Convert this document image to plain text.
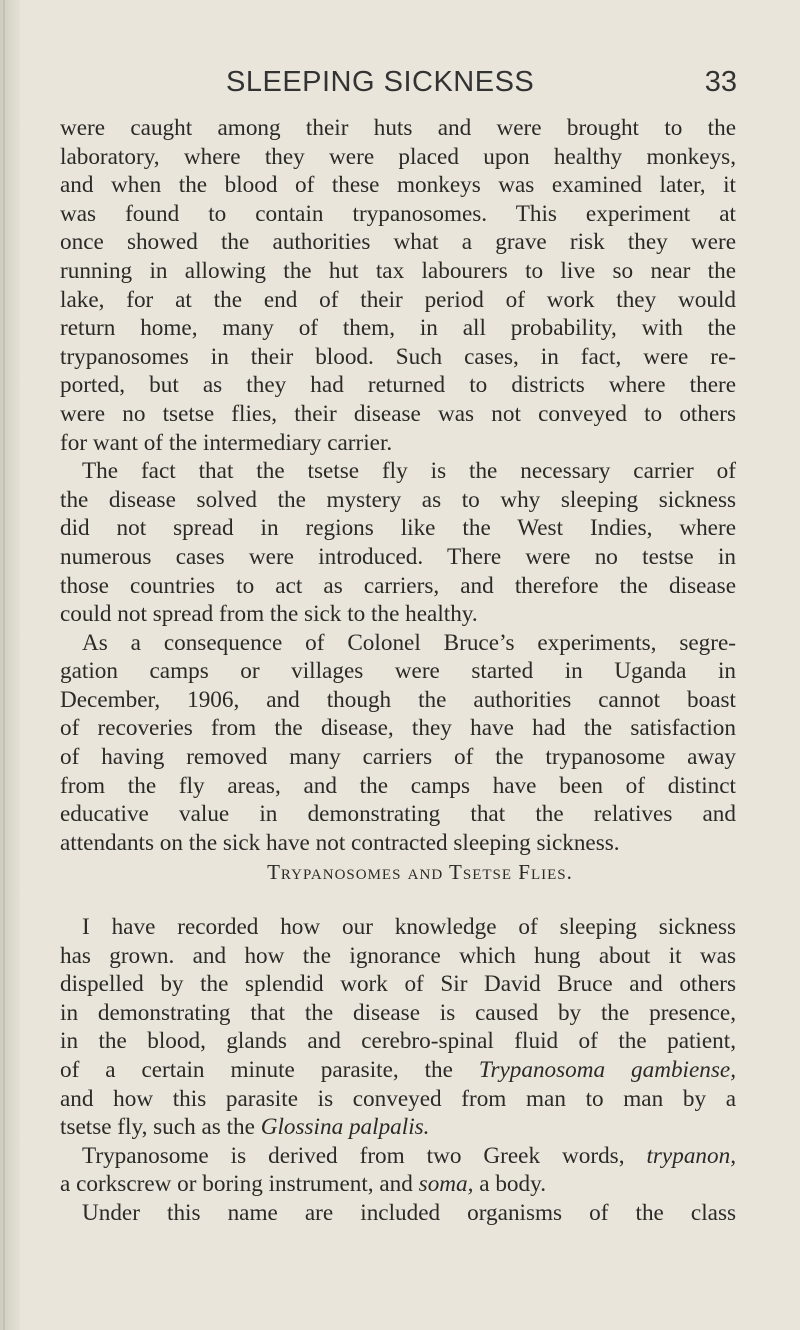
SLEEPING SICKNESS	33
were caught among their huts and were brought to the
laboratory, where they were placed upon healthy monkeys,
and when the blood of these monkeys was examined later, it
was found to contain trypanosomes. This experiment at
once showed the authorities what a grave risk they were
running in allowing the hut tax labourers to live so near the
lake, for at the end of their period of work they would
return home, many of them, in all probability, with the
trypanosomes in their blood. Such cases, in fact, were re-
ported, but as they had returned to districts where there
were no tsetse flies, their disease was not conveyed to others
for want of the intermediary carrier.
The fact that the tsetse fly is the necessary carrier of
the disease solved the mystery as to why sleeping sickness
did not spread in regions like the West Indies, where
numerous cases were introduced. There were no testse in
those countries to act as carriers, and therefore the disease
could not spread from the sick to the healthy.
As a consequence of Colonel Bruce’s experiments, segre-
gation camps or villages were started in Uganda in
December, 1906, and though the authorities cannot boast
of recoveries from the disease, they have had the satisfaction
of having removed many carriers of the trypanosome away
from the fly areas, and the camps have been of distinct
educative value in demonstrating that the relatives and
attendants on the sick have not contracted sleeping sickness.
Trypanosomes and Tsetse Flies.
I have recorded how our knowledge of sleeping sickness
has grown. and how the ignorance which hung about it was
dispelled by the splendid work of Sir David Bruce and others
in demonstrating that the disease is caused by the presence,
in the blood, glands and cerebro-spinal fluid of the patient,
of a certain minute parasite, the Trypanosoma gambiense,
and how this parasite is conveyed from man to man by a
tsetse fly, such as the Glossina palpalis.
Trypanosome is derived from two Greek words, trypanon,
a corkscrew or boring instrument, and soma, a body.
Under this name are included organisms of the class
